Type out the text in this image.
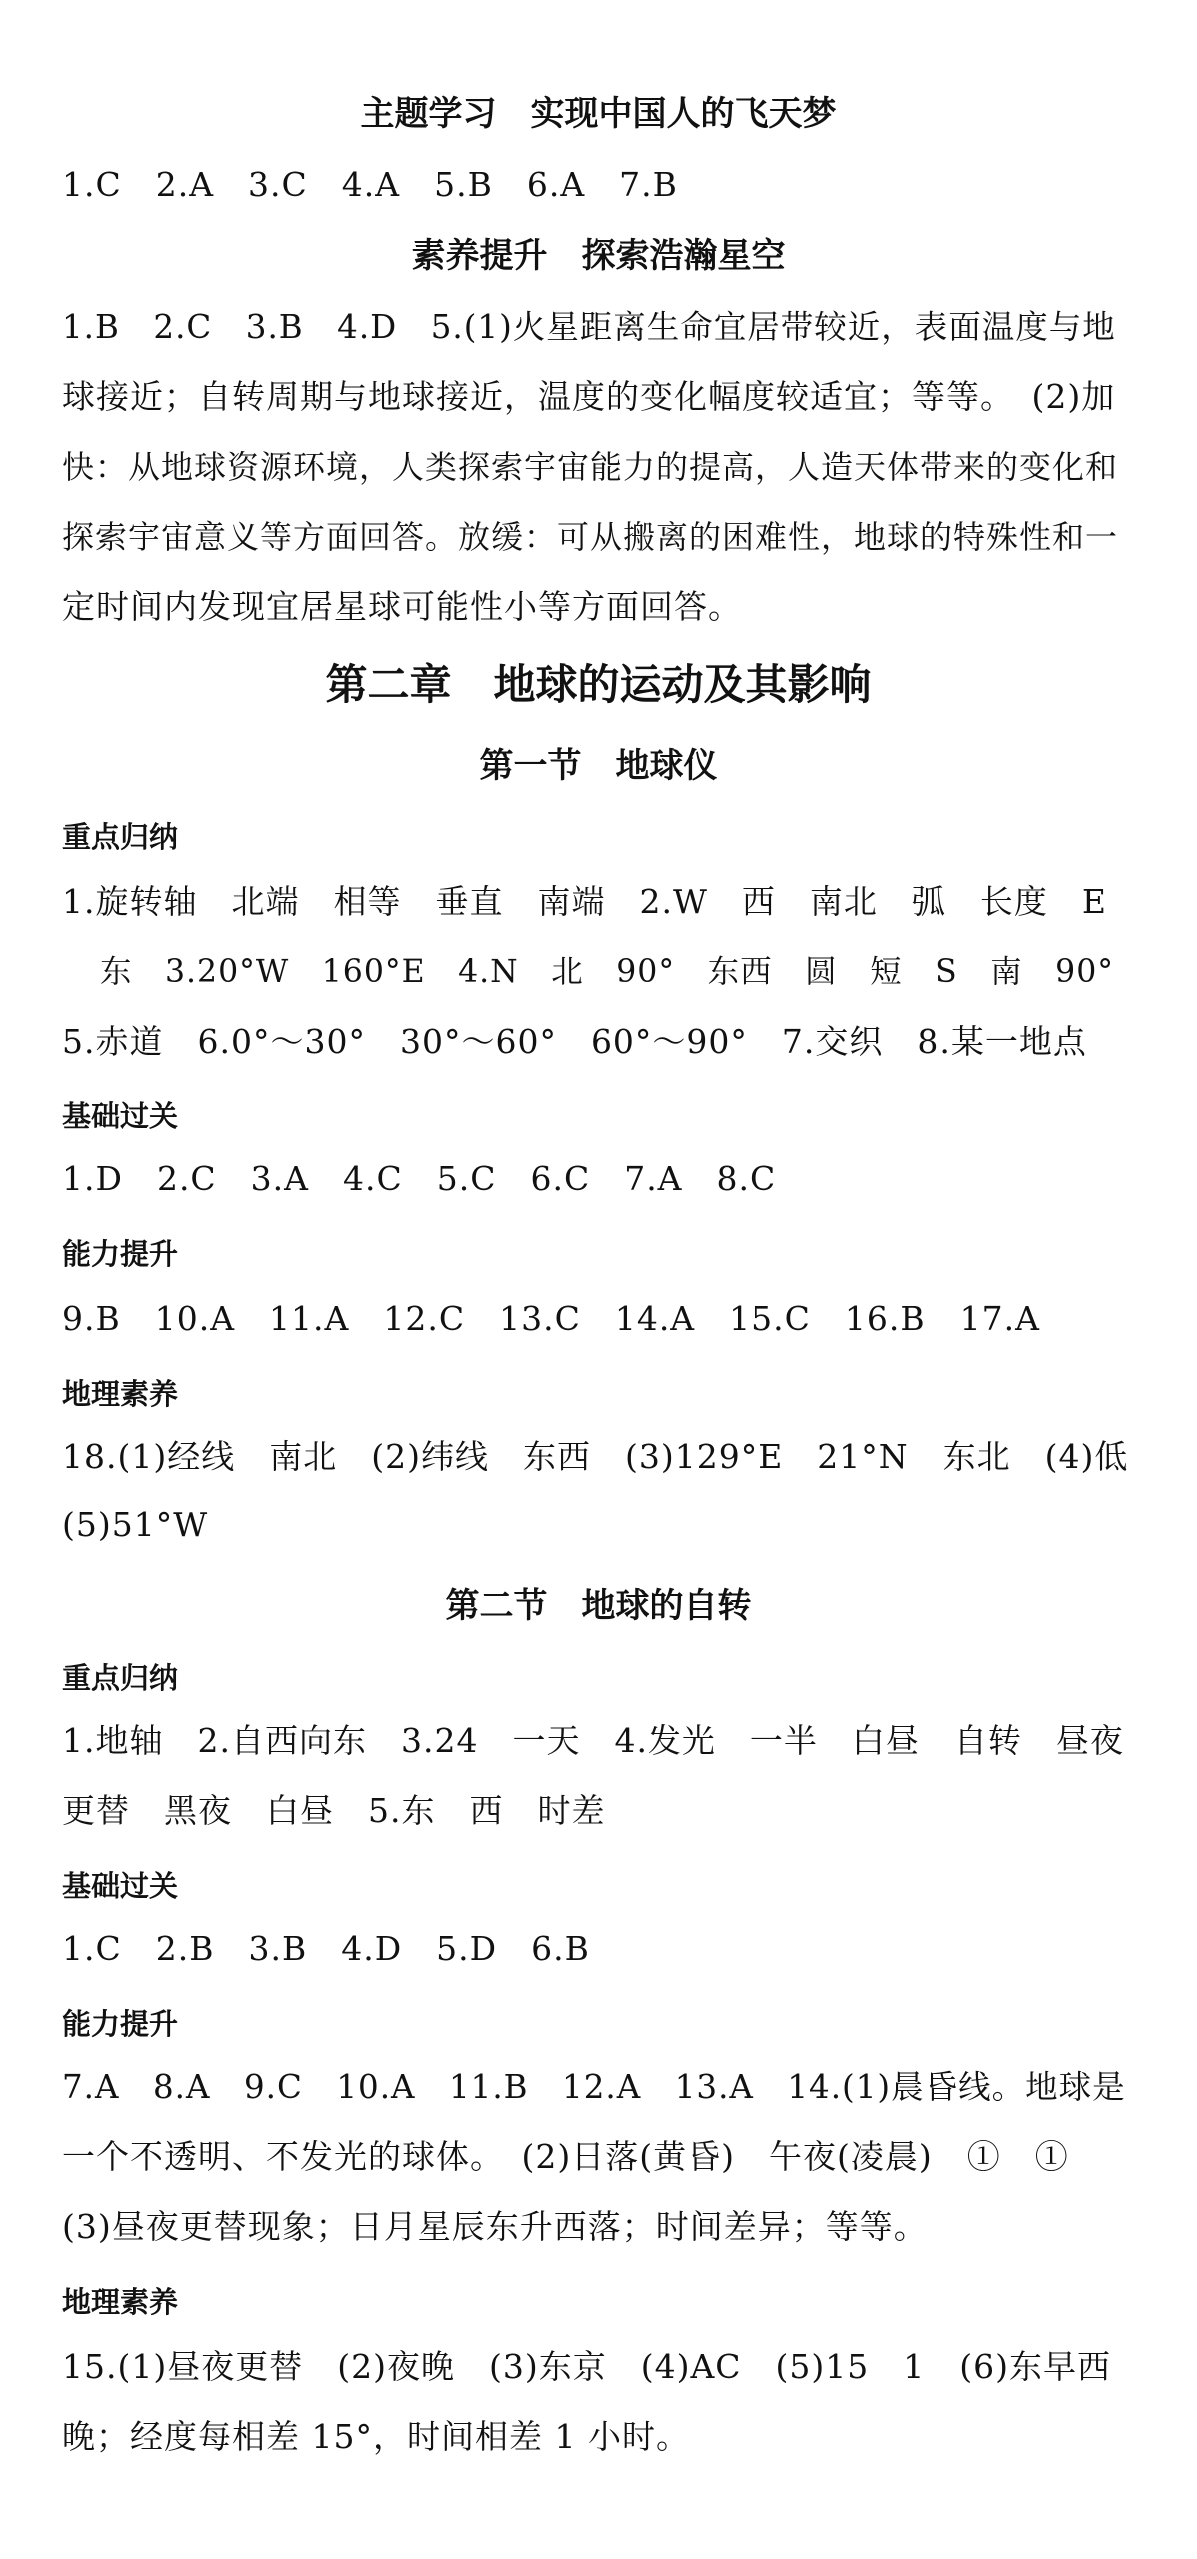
主题学习　实现中国人的飞天梦
1.C　2.A　3.C　4.A　5.B　6.A　7.B
素养提升　探索浩瀚星空
1.B　2.C　3.B　4.D　5.(1)火星距离生命宜居带较近，表面温度与地
球接近；自转周期与地球接近，温度的变化幅度较适宜；等等。　(2)加
快：从地球资源环境，人类探索宇宙能力的提高，人造天体带来的变化和
探索宇宙意义等方面回答。放缓：可从搬离的困难性，地球的特殊性和一
定时间内发现宜居星球可能性小等方面回答。
第二章　地球的运动及其影响
第一节　地球仪
重点归纳
1.旋转轴　北端　相等　垂直　南端　2.W　西　南北　弧　长度　E
东　3.20°W　160°E　4.N　北　90°　东西　圆　短　S　南　90°
5.赤道　6.0°～30°　30°～60°　60°～90°　7.交织　8.某一地点
基础过关
1.D　2.C　3.A　4.C　5.C　6.C　7.A　8.C
能力提升
9.B　10.A　11.A　12.C　13.C　14.A　15.C　16.B　17.A
地理素养
18.(1)经线　南北　(2)纬线　东西　(3)129°E　21°N　东北　(4)低
(5)51°W
第二节　地球的自转
重点归纳
1.地轴　2.自西向东　3.24　一天　4.发光　一半　白昼　自转　昼夜
更替　黑夜　白昼　5.东　西　时差
基础过关
1.C　2.B　3.B　4.D　5.D　6.B
能力提升
7.A　8.A　9.C　10.A　11.B　12.A　13.A　14.(1)晨昏线。地球是
一个不透明、不发光的球体。　(2)日落(黄昏)　午夜(凌晨)　①　①
(3)昼夜更替现象；日月星辰东升西落；时间差异；等等。
地理素养
15.(1)昼夜更替　(2)夜晚　(3)东京　(4)AC　(5)15　1　(6)东早西
晚；经度每相差 15°，时间相差 1 小时。
